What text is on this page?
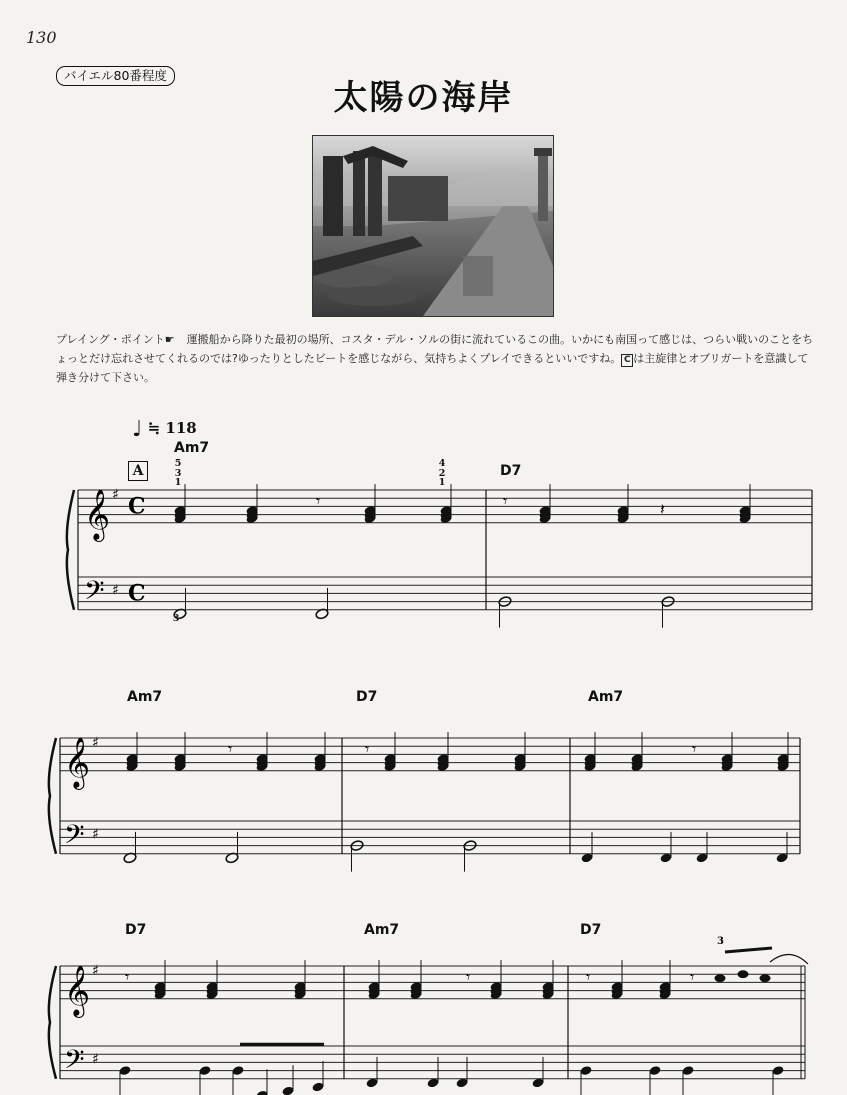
130
バイエル80番程度
太陽の海岸
プレイング・ポイント☛ 運搬船から降りた最初の場所、コスタ・デル・ソルの街に流れているこの曲。いかにも南国って感じは、つらい戦いのことをちょっとだけ忘れさせてくれるのでは?ゆったりとしたビートを感じながら、気持ちよくプレイできるといいですね。 C は主旋律とオブリガートを意識して弾き分けて下さい。
♩ ≒ 118
A	5
3
1
4
2
1
3
Am7
D7
Am7	D7	Am7
D7	Am7	D7
𝄞
𝄢
♯
♯
C
C
𝄞
𝄢
♯
♯
𝄞
𝄢
♯
♯
𝄾	𝄾	𝄽
𝄾	𝄾	𝄾
𝄾	𝄾	𝄾	𝄾
3
